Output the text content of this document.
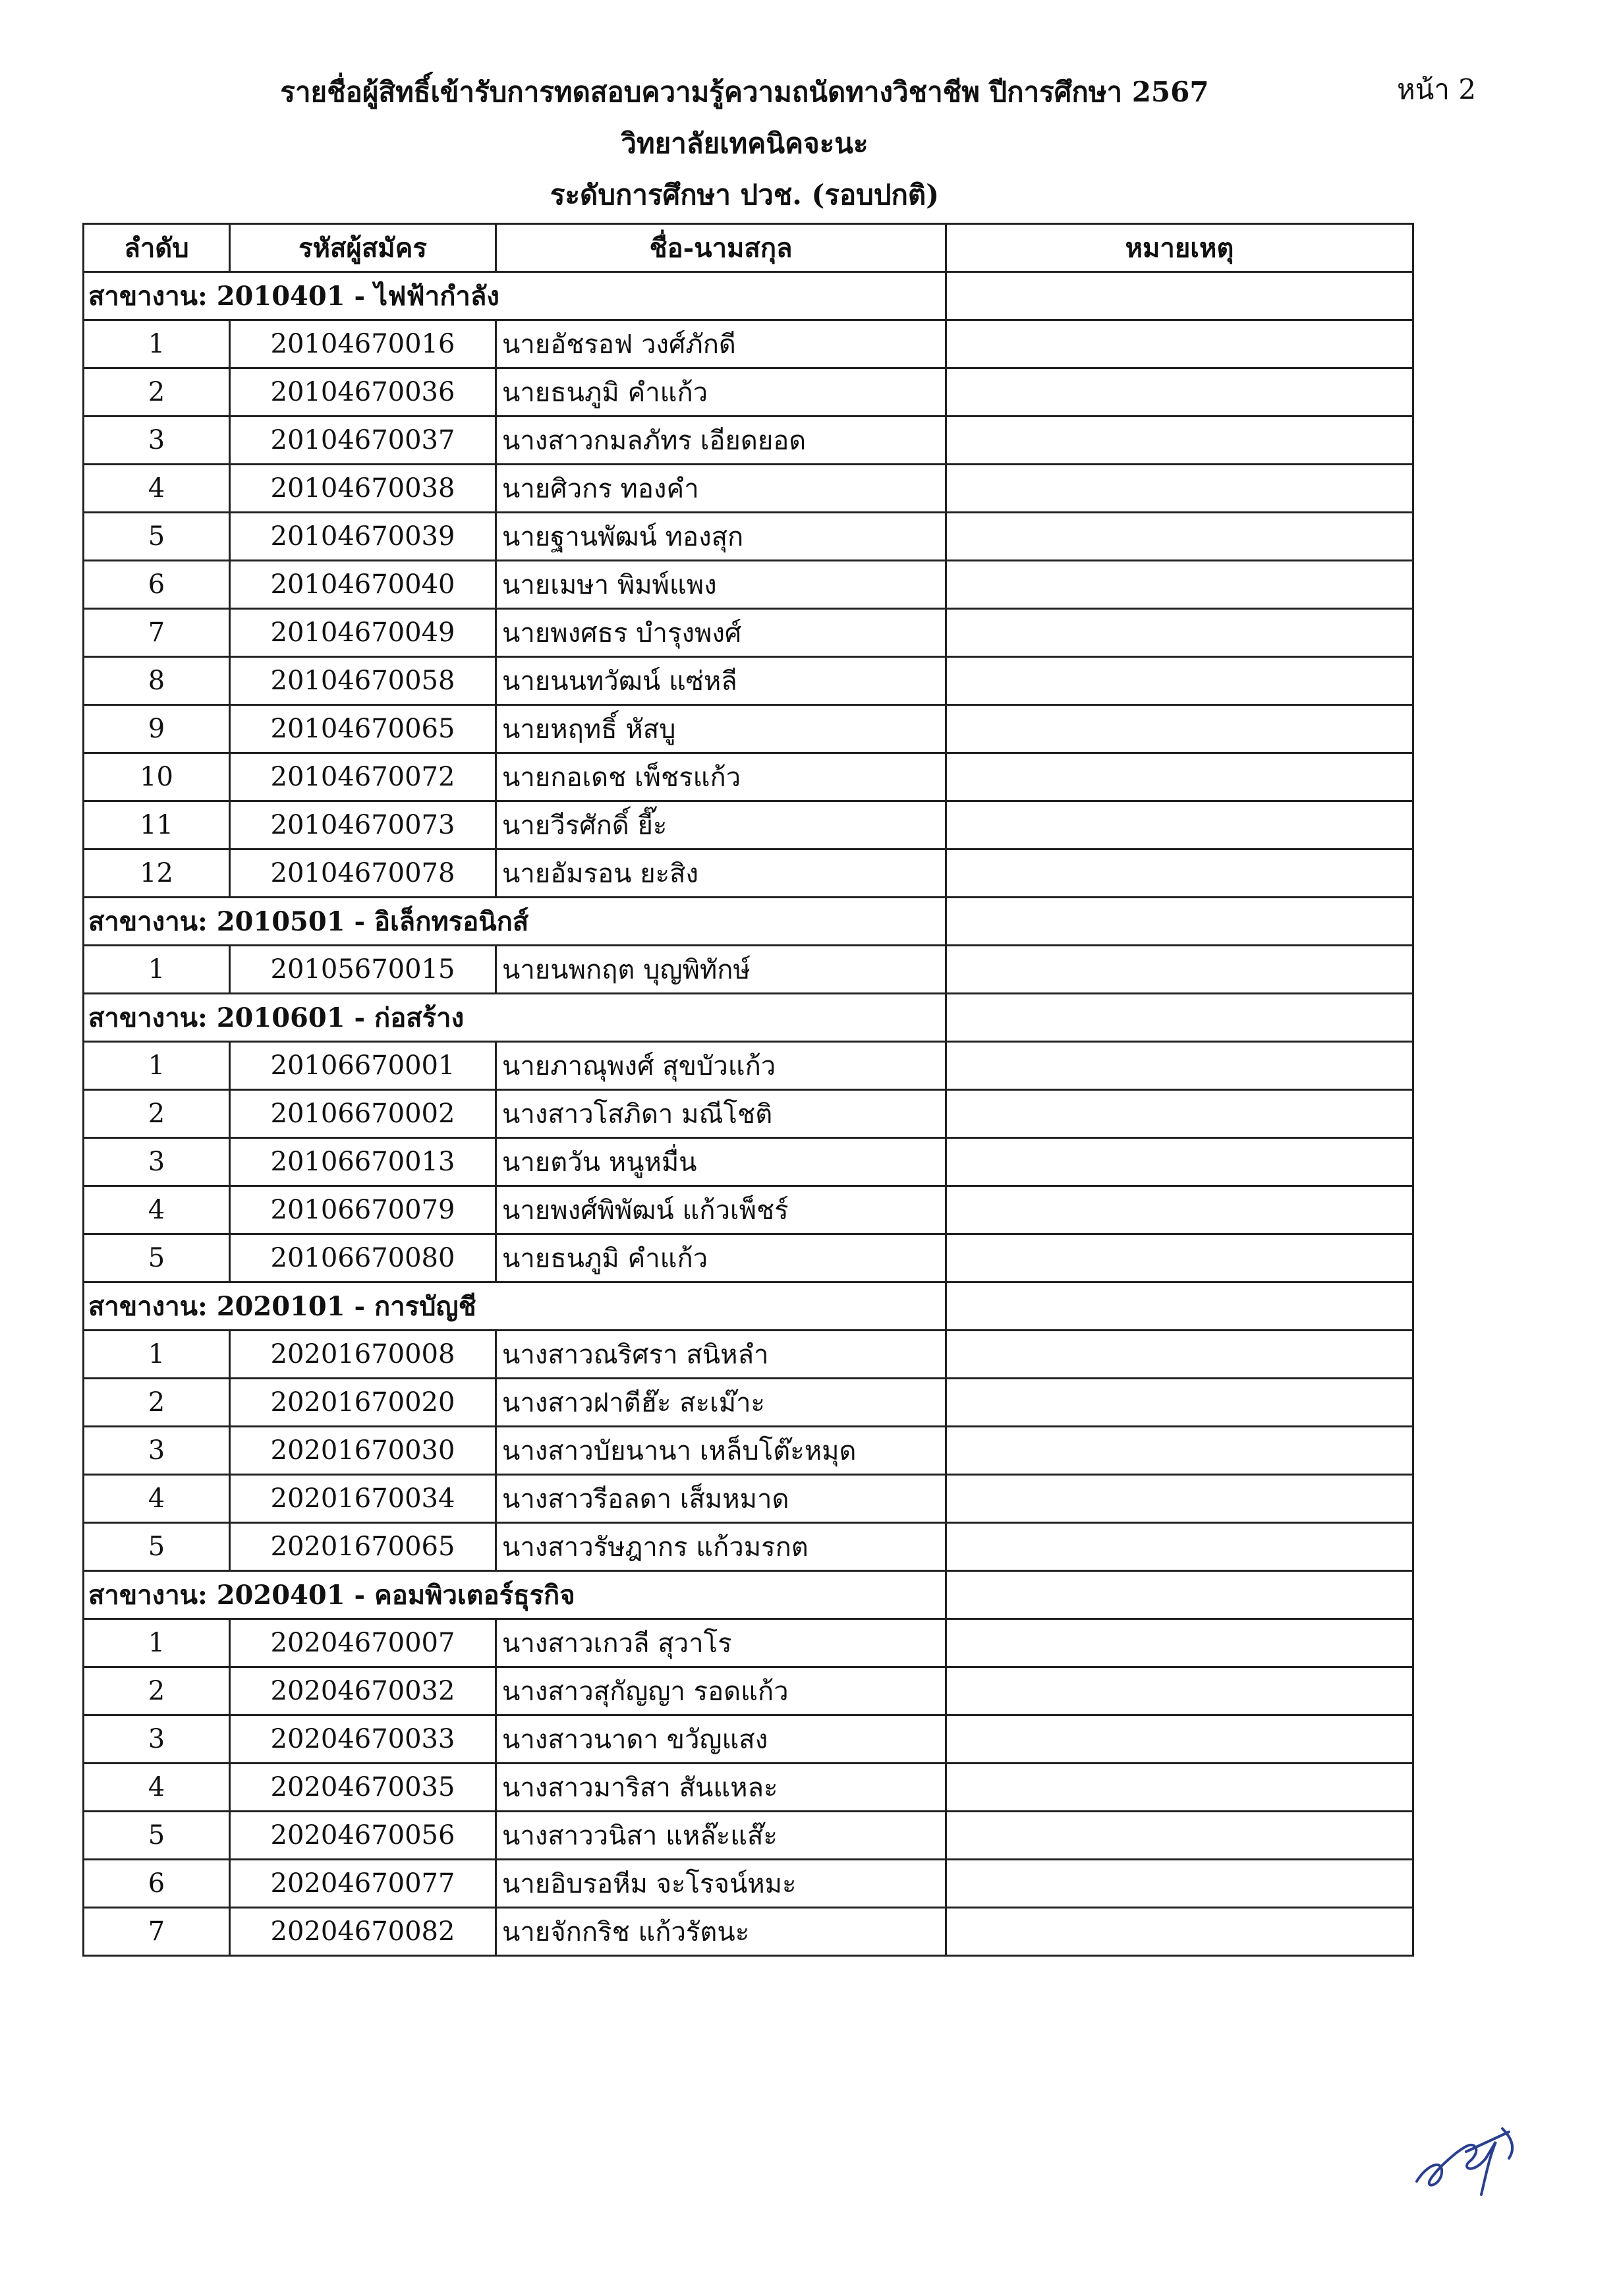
รายชื่อผู้สิทธิ์เข้ารับการทดสอบความรู้ความถนัดทางวิชาชีพ ปีการศึกษา 2567	หน้า 2
วิทยาลัยเทคนิคจะนะ
ระดับการศึกษา ปวช. (รอบปกติ)
ลำดับ	รหัสผู้สมัคร	ชื่อ-นามสกุล	หมายเหตุ
สาขางาน: 2010401 - ไฟฟ้ากำลัง			
1	20104670016	นายอัชรอฟ วงศ์ภักดี	
2	20104670036	นายธนภูมิ คำแก้ว	
3	20104670037	นางสาวกมลภัทร เอียดยอด	
4	20104670038	นายศิวกร ทองคำ	
5	20104670039	นายฐานพัฒน์ ทองสุก	
6	20104670040	นายเมษา พิมพ์แพง	
7	20104670049	นายพงศธร บำรุงพงศ์	
8	20104670058	นายนนทวัฒน์ แซ่หลี	
9	20104670065	นายหฤทธิ์ หัสบู	
10	20104670072	นายกอเดช เพ็ชรแก้ว	
11	20104670073	นายวีรศักดิ์ ยี๊ะ	
12	20104670078	นายอัมรอน ยะสิง	
สาขางาน: 2010501 - อิเล็กทรอนิกส์			
1	20105670015	นายนพกฤต บุญพิทักษ์	
สาขางาน: 2010601 - ก่อสร้าง			
1	20106670001	นายภาณุพงศ์ สุขบัวแก้ว	
2	20106670002	นางสาวโสภิดา มณีโชติ	
3	20106670013	นายตวัน หนูหมื่น	
4	20106670079	นายพงศ์พิพัฒน์ แก้วเพ็ชร์	
5	20106670080	นายธนภูมิ คำแก้ว	
สาขางาน: 2020101 - การบัญชี			
1	20201670008	นางสาวณริศรา สนิหลำ	
2	20201670020	นางสาวฝาตีฮ๊ะ สะเม๊าะ	
3	20201670030	นางสาวบัยนานา เหล็บโต๊ะหมุด	
4	20201670034	นางสาวรีอลดา เส็มหมาด	
5	20201670065	นางสาวรัษฎากร แก้วมรกต	
สาขางาน: 2020401 - คอมพิวเตอร์ธุรกิจ			
1	20204670007	นางสาวเกวลี สุวาโร	
2	20204670032	นางสาวสุกัญญา รอดแก้ว	
3	20204670033	นางสาวนาดา ขวัญแสง	
4	20204670035	นางสาวมาริสา สันแหละ	
5	20204670056	นางสาววนิสา แหล๊ะแส๊ะ	
6	20204670077	นายอิบรอหีม จะโรจน์หมะ	
7	20204670082	นายจักกริช แก้วรัตนะ	
